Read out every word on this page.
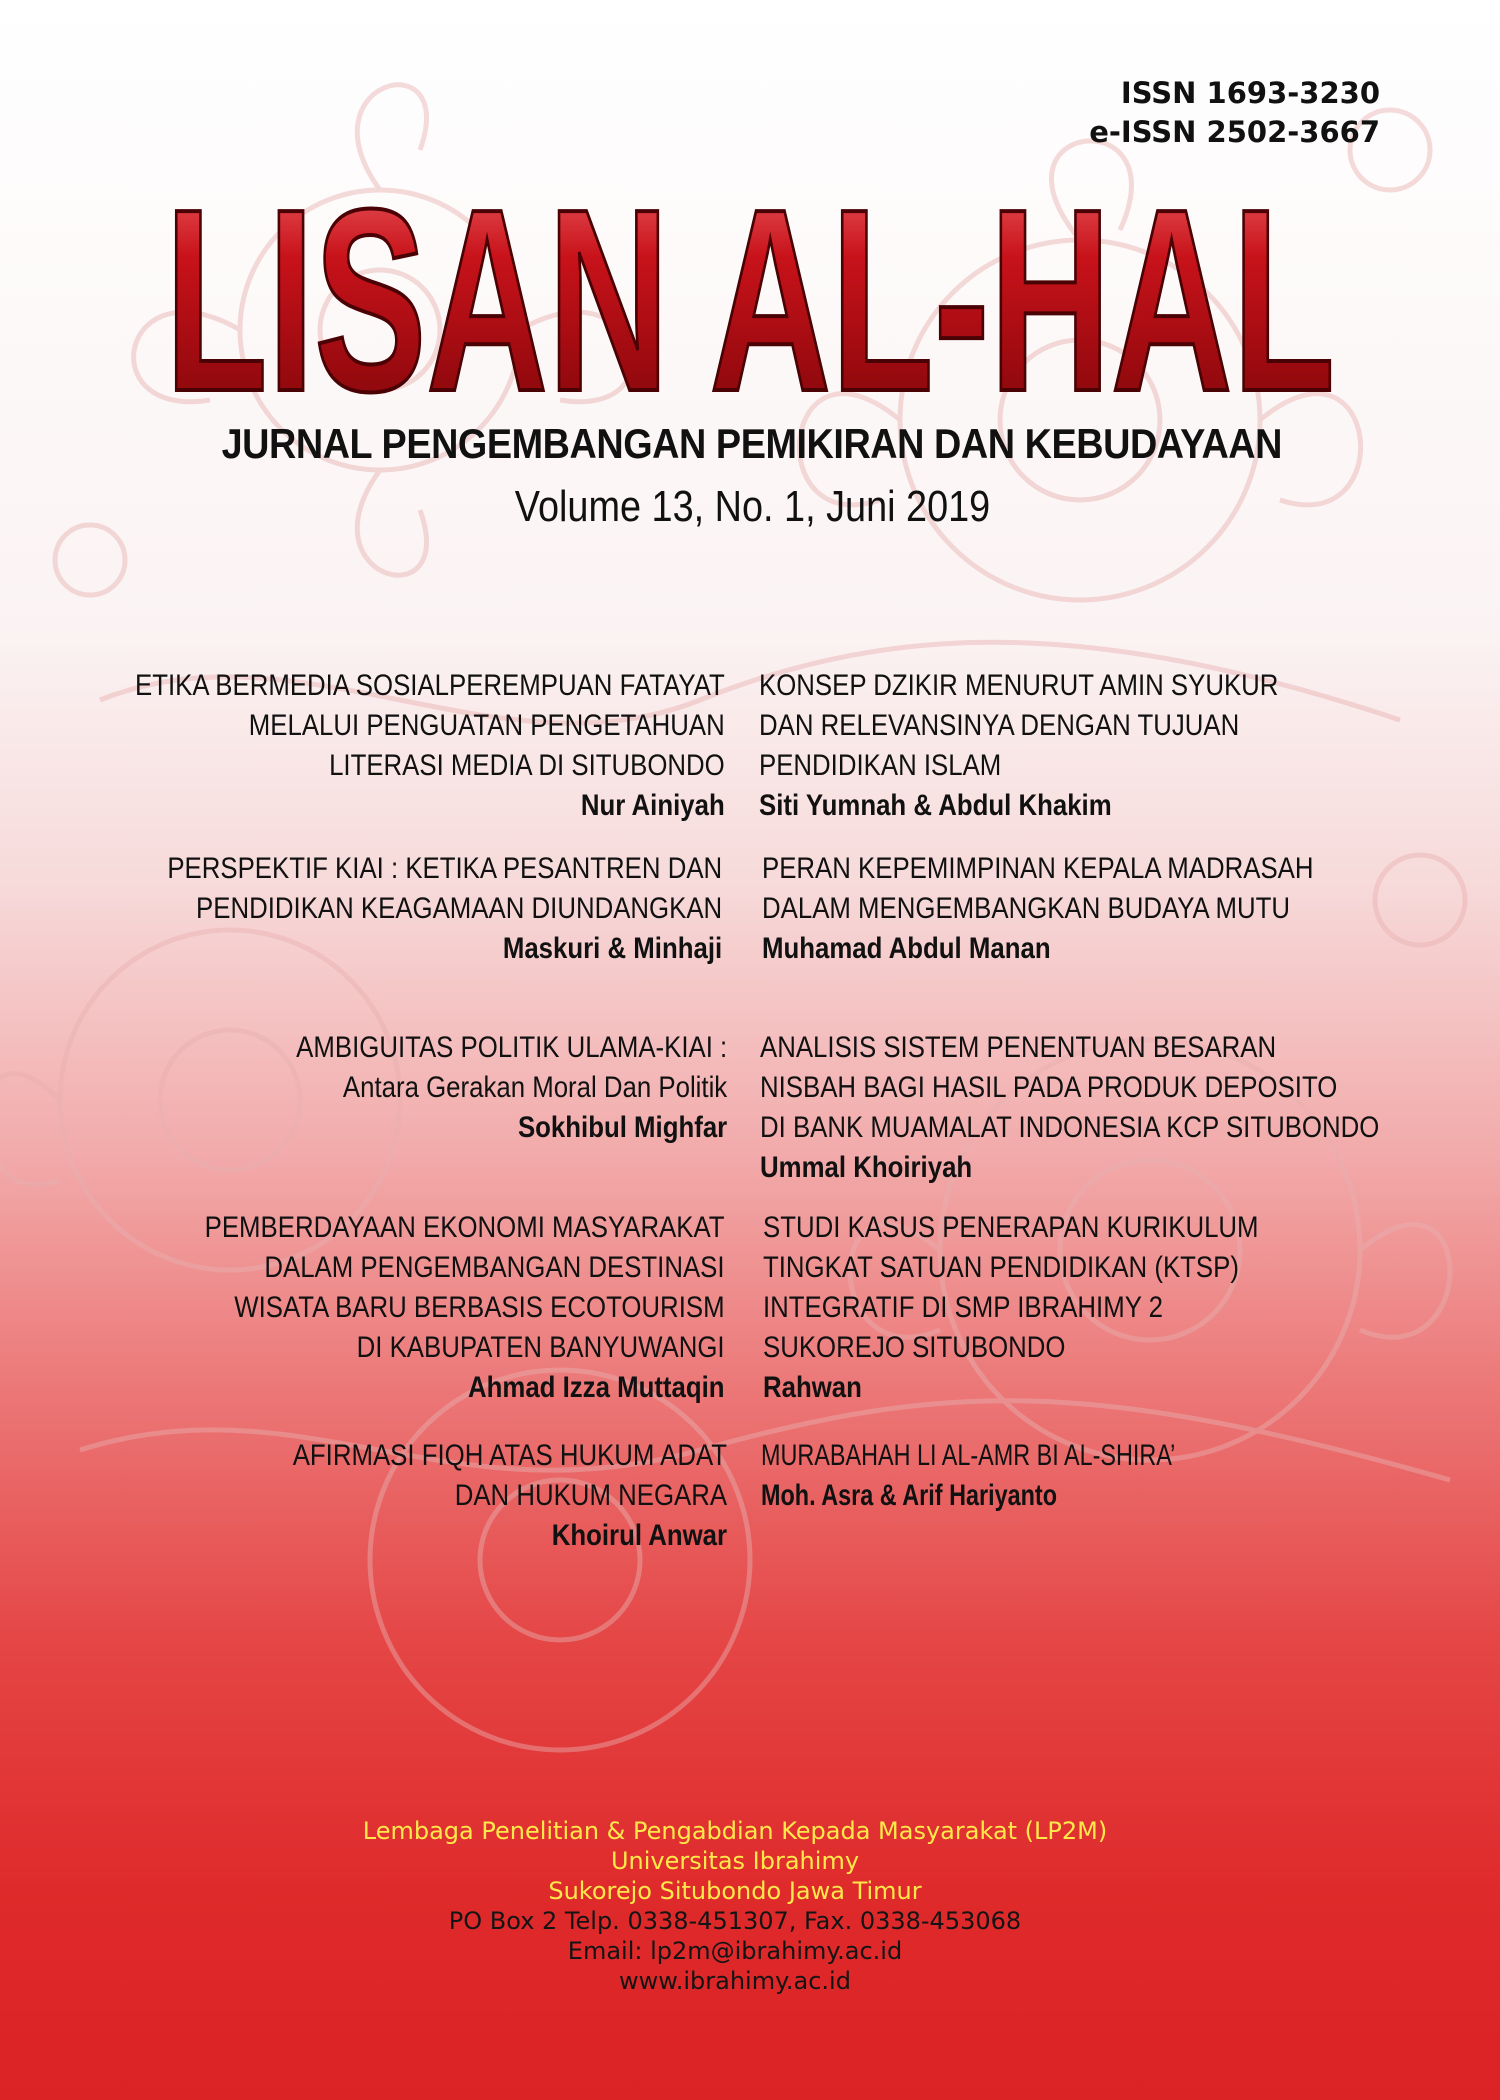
ISSN 1693-3230
e-ISSN 2502-3667
LISAN AL-HAL
JURNAL PENGEMBANGAN PEMIKIRAN DAN KEBUDAYAAN
Volume 13, No. 1, Juni 2019
ETIKA BERMEDIA SOSIALPEREMPUAN FATAYAT
MELALUI PENGUATAN PENGETAHUAN
LITERASI MEDIA DI SITUBONDO
Nur Ainiyah
KONSEP DZIKIR MENURUT AMIN SYUKUR
DAN RELEVANSINYA DENGAN TUJUAN
PENDIDIKAN ISLAM
Siti Yumnah & Abdul Khakim
PERSPEKTIF KIAI : KETIKA PESANTREN DAN
PENDIDIKAN KEAGAMAAN DIUNDANGKAN
Maskuri & Minhaji
PERAN KEPEMIMPINAN KEPALA MADRASAH
DALAM MENGEMBANGKAN BUDAYA MUTU
Muhamad Abdul Manan
AMBIGUITAS POLITIK ULAMA-KIAI :
Antara Gerakan Moral Dan Politik
Sokhibul Mighfar
ANALISIS SISTEM PENENTUAN BESARAN
NISBAH BAGI HASIL PADA PRODUK DEPOSITO
DI BANK MUAMALAT INDONESIA KCP SITUBONDO
Ummal Khoiriyah
PEMBERDAYAAN EKONOMI MASYARAKAT
DALAM PENGEMBANGAN DESTINASI
WISATA BARU BERBASIS ECOTOURISM
DI KABUPATEN BANYUWANGI
Ahmad Izza Muttaqin
STUDI KASUS PENERAPAN KURIKULUM
TINGKAT SATUAN PENDIDIKAN (KTSP)
INTEGRATIF DI SMP IBRAHIMY 2
SUKOREJO SITUBONDO
Rahwan
AFIRMASI FIQH ATAS HUKUM ADAT
DAN HUKUM NEGARA
Khoirul Anwar
MURABAHAH LI AL-AMR BI AL-SHIRA’
Moh. Asra & Arif Hariyanto
Lembaga Penelitian & Pengabdian Kepada Masyarakat (LP2M)
Universitas Ibrahimy
Sukorejo Situbondo Jawa Timur
PO Box 2 Telp. 0338-451307, Fax. 0338-453068
Email: lp2m@ibrahimy.ac.id
www.ibrahimy.ac.id
